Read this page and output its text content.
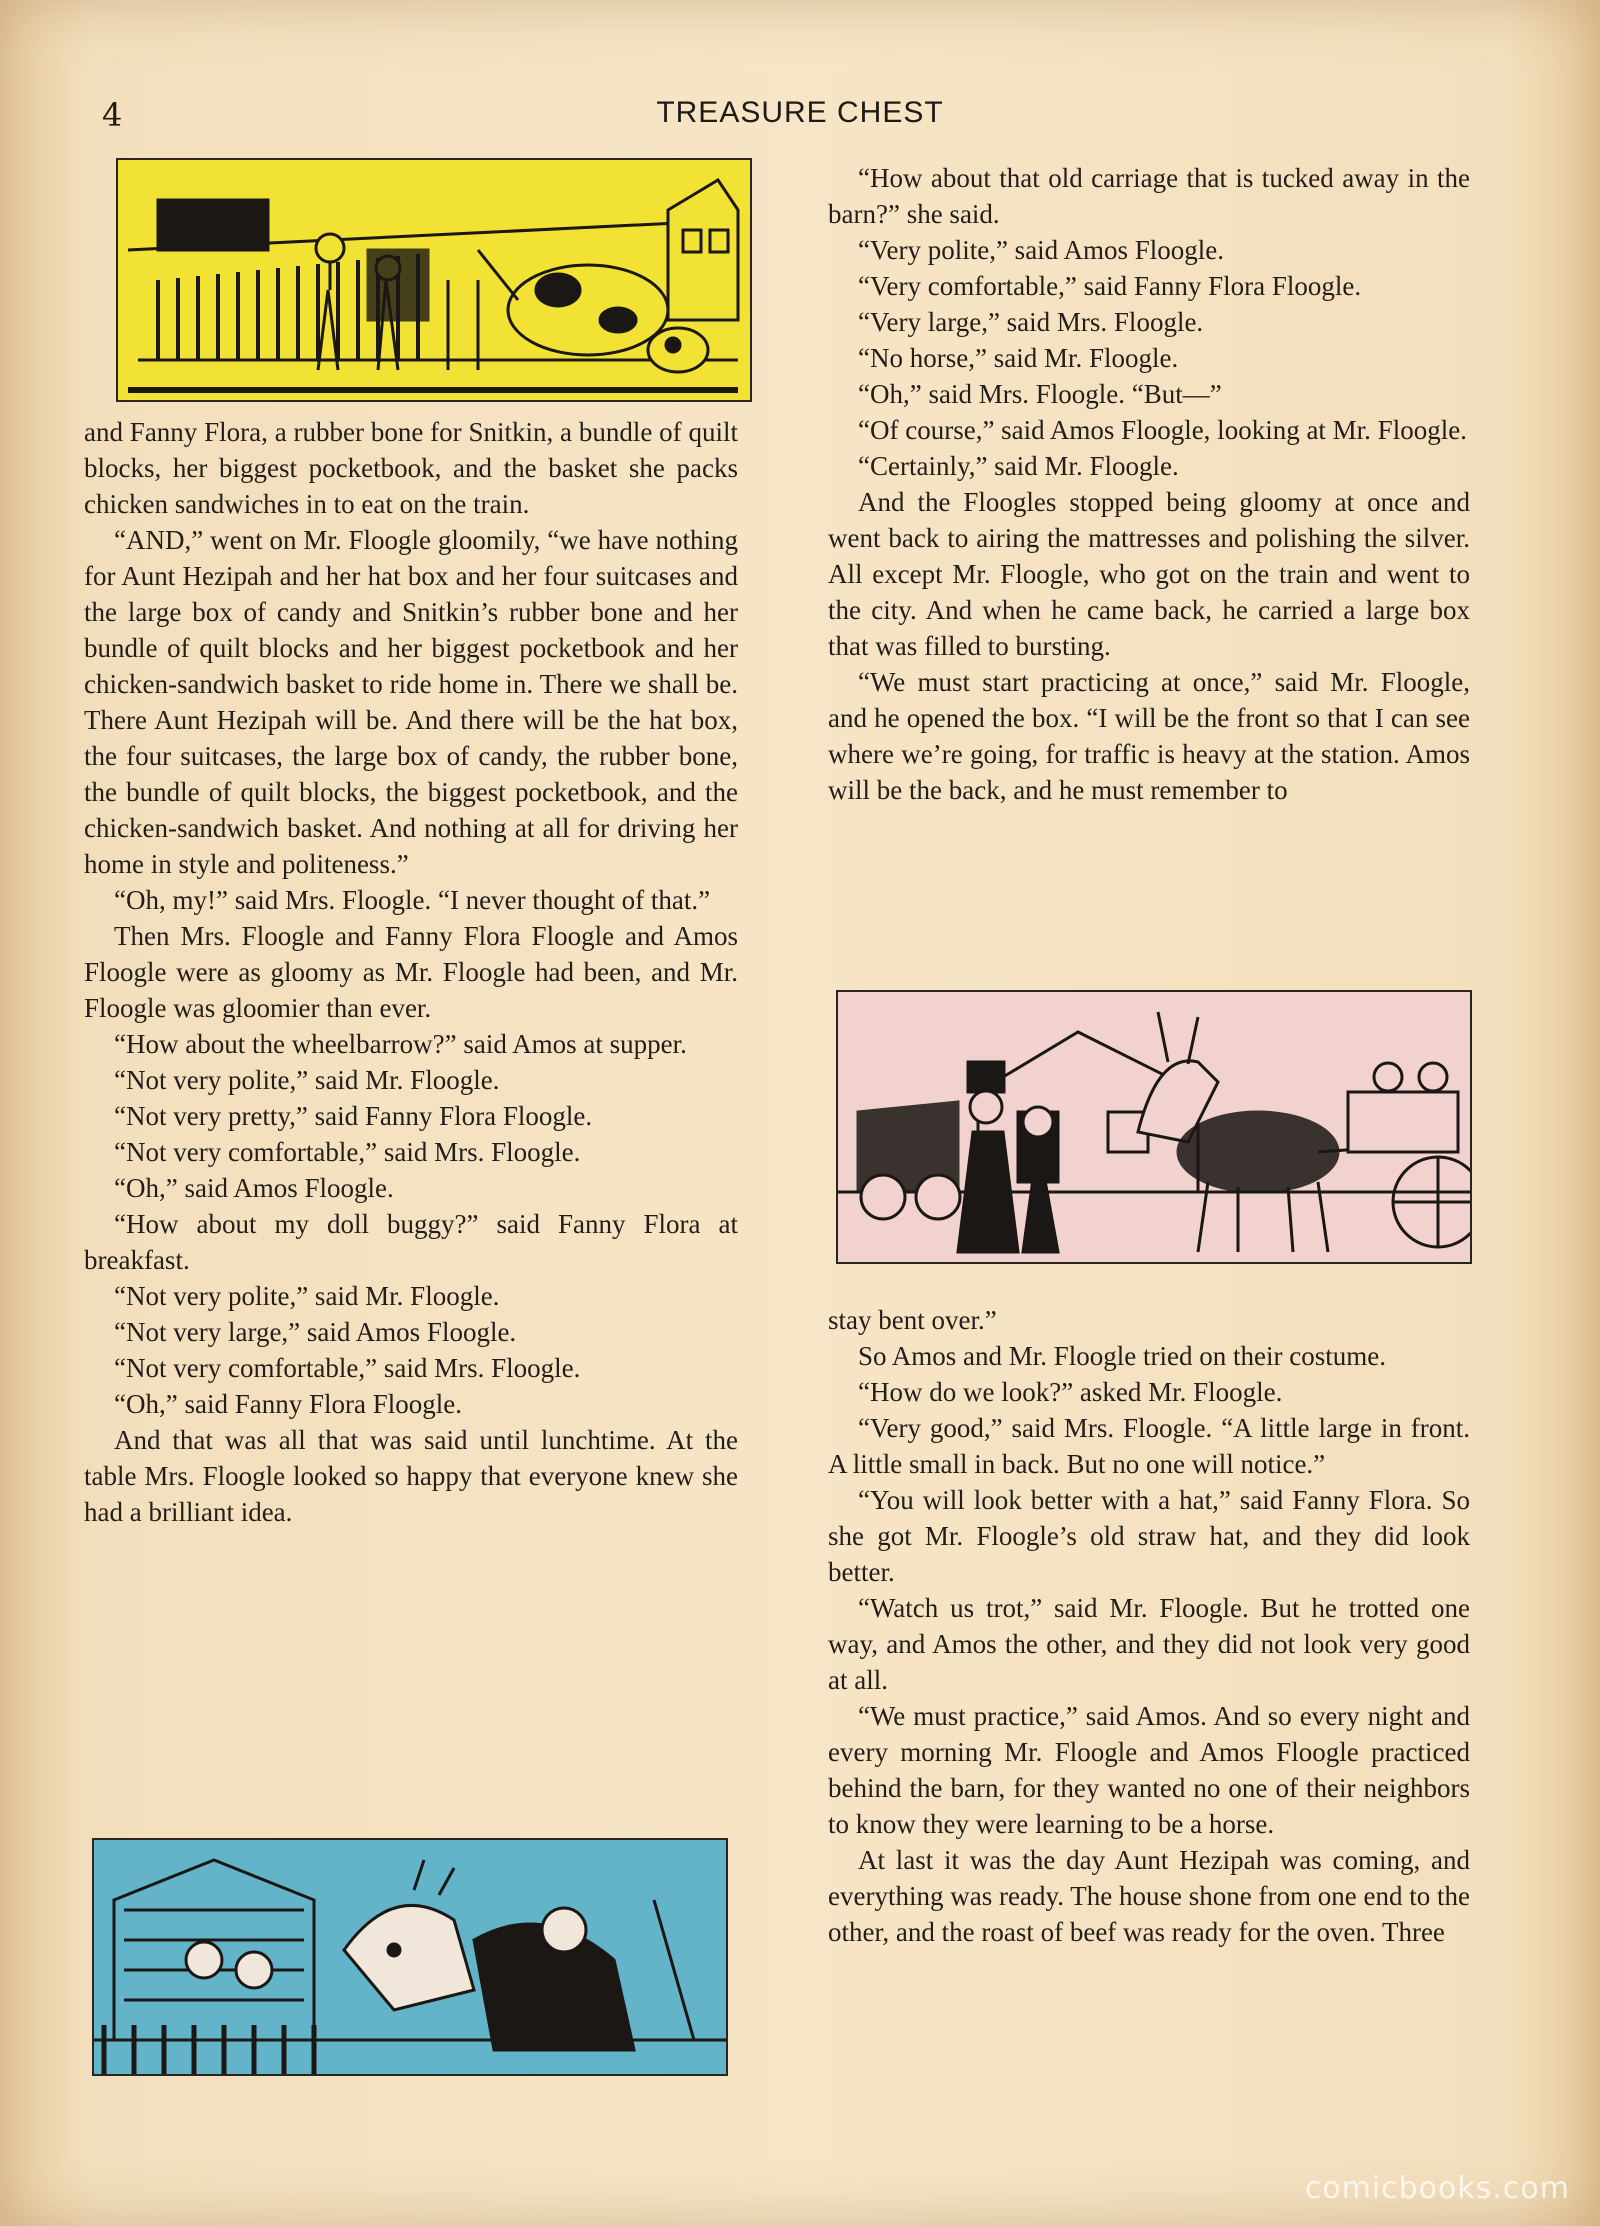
4	TREASURE CHEST

and Fanny Flora, a rubber bone for Snitkin, a bundle of quilt blocks, her biggest pocketbook, and the basket she packs chicken sandwiches in to eat on the train.

“AND,” went on Mr. Floogle gloomily, “we have nothing for Aunt Hezipah and her hat box and her four suitcases and the large box of candy and Snitkin’s rubber bone and her bundle of quilt blocks and her biggest pocketbook and her chicken-sandwich basket to ride home in. There we shall be. There Aunt Hezipah will be. And there will be the hat box, the four suitcases, the large box of candy, the rubber bone, the bundle of quilt blocks, the biggest pocketbook, and the chicken-sandwich basket. And nothing at all for driving her home in style and politeness.”

“Oh, my!” said Mrs. Floogle. “I never thought of that.”

Then Mrs. Floogle and Fanny Flora Floogle and Amos Floogle were as gloomy as Mr. Floogle had been, and Mr. Floogle was gloomier than ever.

“How about the wheelbarrow?” said Amos at supper.

“Not very polite,” said Mr. Floogle.

“Not very pretty,” said Fanny Flora Floogle.

“Not very comfortable,” said Mrs. Floogle.

“Oh,” said Amos Floogle.

“How about my doll buggy?” said Fanny Flora at breakfast.

“Not very polite,” said Mr. Floogle.

“Not very large,” said Amos Floogle.

“Not very comfortable,” said Mrs. Floogle.

“Oh,” said Fanny Flora Floogle.

And that was all that was said until lunchtime. At the table Mrs. Floogle looked so happy that everyone knew she had a brilliant idea.

“How about that old carriage that is tucked away in the barn?” she said.

“Very polite,” said Amos Floogle.

“Very comfortable,” said Fanny Flora Floogle.

“Very large,” said Mrs. Floogle.

“No horse,” said Mr. Floogle.

“Oh,” said Mrs. Floogle. “But—”

“Of course,” said Amos Floogle, looking at Mr. Floogle.

“Certainly,” said Mr. Floogle.

And the Floogles stopped being gloomy at once and went back to airing the mattresses and polishing the silver. All except Mr. Floogle, who got on the train and went to the city. And when he came back, he carried a large box that was filled to bursting.

“We must start practicing at once,” said Mr. Floogle, and he opened the box. “I will be the front so that I can see where we’re going, for traffic is heavy at the station. Amos will be the back, and he must remember to

stay bent over.”

So Amos and Mr. Floogle tried on their costume.

“How do we look?” asked Mr. Floogle.

“Very good,” said Mrs. Floogle. “A little large in front. A little small in back. But no one will notice.”

“You will look better with a hat,” said Fanny Flora. So she got Mr. Floogle’s old straw hat, and they did look better.

“Watch us trot,” said Mr. Floogle. But he trotted one way, and Amos the other, and they did not look very good at all.

“We must practice,” said Amos. And so every night and every morning Mr. Floogle and Amos Floogle practiced behind the barn, for they wanted no one of their neighbors to know they were learning to be a horse.

At last it was the day Aunt Hezipah was coming, and everything was ready. The house shone from one end to the other, and the roast of beef was ready for the oven. Three

comicbooks.com
